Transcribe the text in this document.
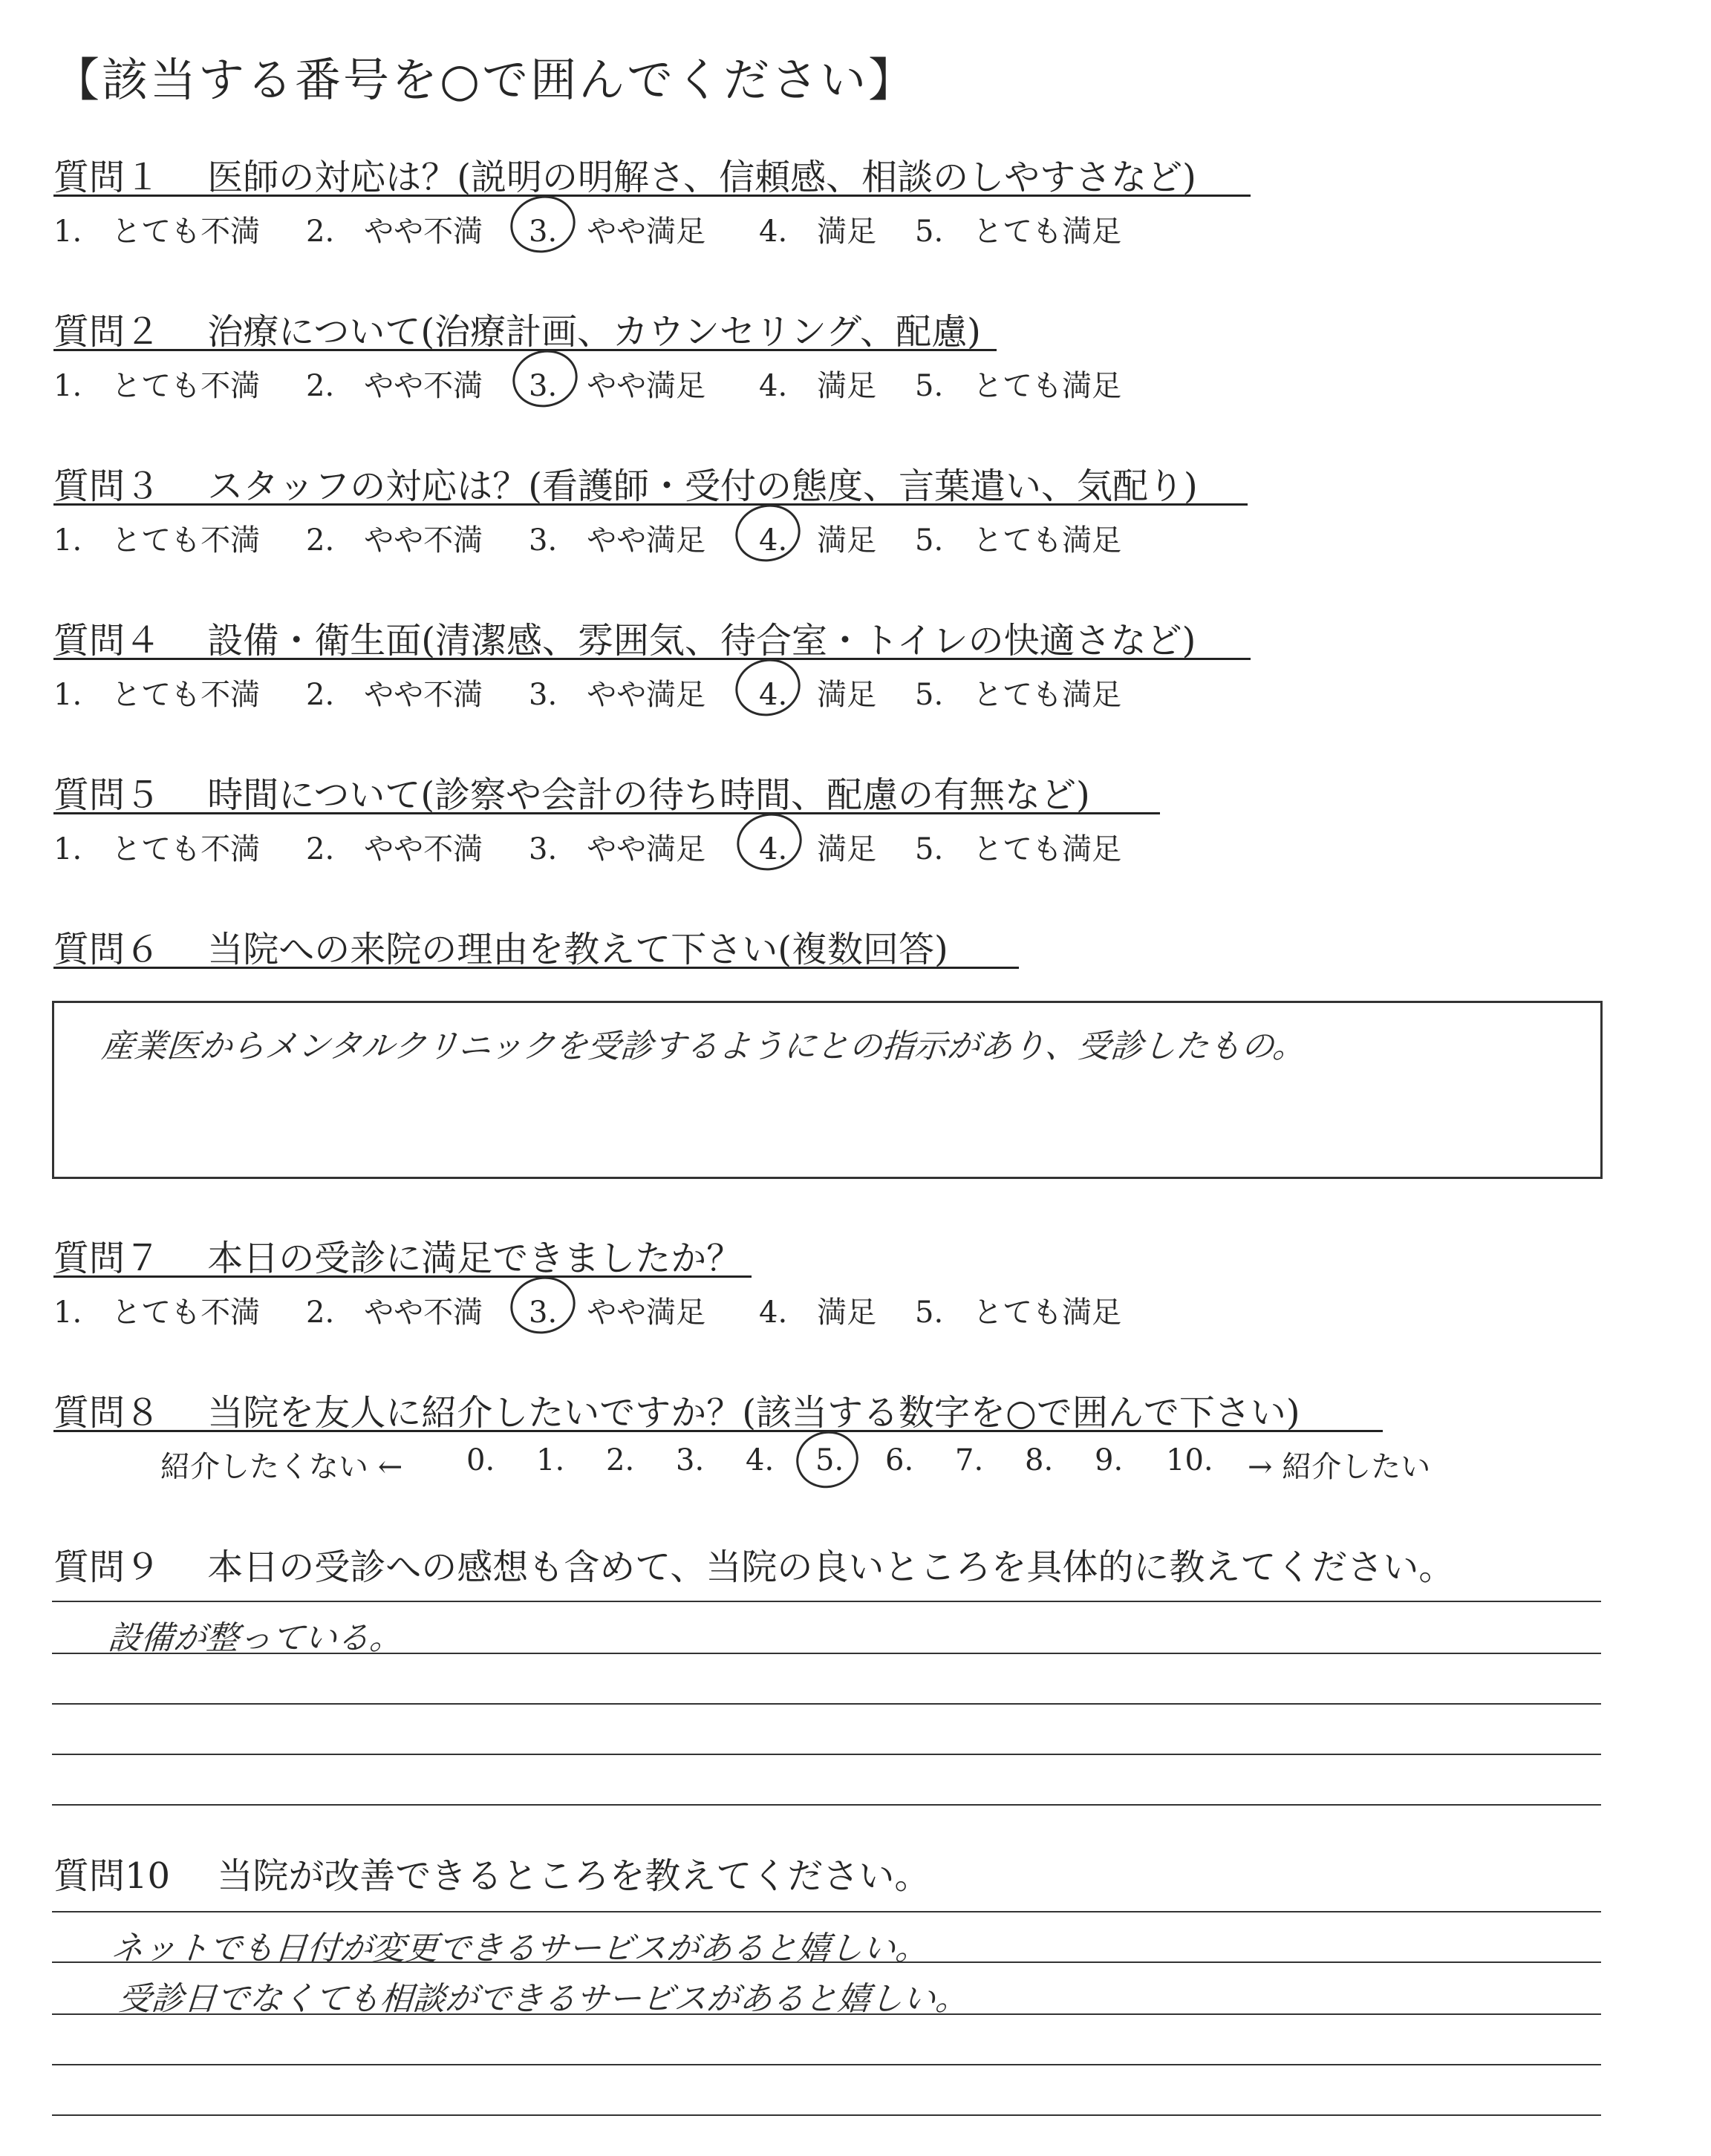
【該当する番号を○で囲んでください】
質問１　 医師の対応は？(説明の明解さ、信頼感、相談のしやすさなど)
1.　とても不満 2.　やや不満 3.　やや満足 4.　満足 5.　とても満足
質問２　 治療について(治療計画、カウンセリング、配慮)
1.　とても不満 2.　やや不満 3.　やや満足 4.　満足 5.　とても満足
質問３　 スタッフの対応は？(看護師・受付の態度、言葉遣い、気配り)
1.　とても不満 2.　やや不満 3.　やや満足 4.　満足 5.　とても満足
質問４　 設備・衛生面(清潔感、雰囲気、待合室・トイレの快適さなど)
1.　とても不満 2.　やや不満 3.　やや満足 4.　満足 5.　とても満足
質問５　 時間について(診察や会計の待ち時間、配慮の有無など)
1.　とても不満 2.　やや不満 3.　やや満足 4.　満足 5.　とても満足
質問６　 当院への来院の理由を教えて下さい(複数回答)
産業医からメンタルクリニックを受診するようにとの指示があり、受診したもの。
質問７　 本日の受診に満足できましたか？
1.　とても不満 2.　やや不満 3.　やや満足 4.　満足 5.　とても満足
質問８　 当院を友人に紹介したいですか？(該当する数字を○で囲んで下さい)
紹介したくない ← 0. 1. 2. 3. 4. 5. 6. 7. 8. 9. 10. → 紹介したい
質問９　 本日の受診への感想も含めて、当院の良いところを具体的に教えてください。
設備が整っている。
質問10　 当院が改善できるところを教えてください。
ネットでも日付が変更できるサービスがあると嬉しい。
受診日でなくても相談ができるサービスがあると嬉しい。
